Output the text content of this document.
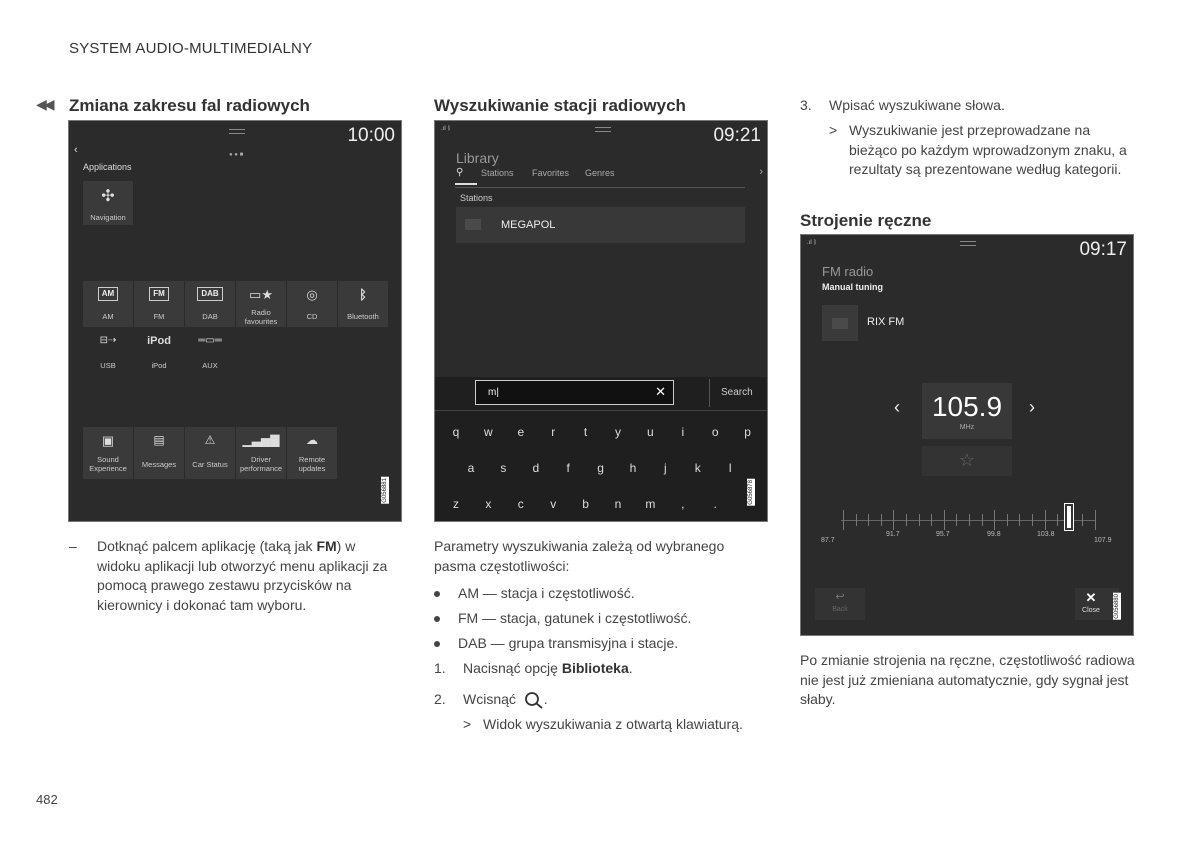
SYSTEM AUDIO-MULTIMEDIALNY
◀◀ Zmiana zakresu fal radiowych
10:00
‹	● ● ■
Applications
✣
Navigation
AM
AM
FM
FM
DAB
DAB
▭★
Radio favourites
◎
CD
ᛒ
Bluetooth
⊟⇢
USB
iPod
iPod
═▭═
AUX
▣
Sound Experience
▤
Messages
⚠
Car Status
▁▃▅▇
Driver performance
☁
Remote updates
G056881
– Dotknąć palcem aplikację (taką jak FM) w widoku aplikacji lub otworzyć menu aplikacji za pomocą prawego zestawu przycisków na kierownicy i dokonać tam wyboru.
Wyszukiwanie stacji radiowych
.ıl ᛒ	09:21
Library
⚲ Stations Favorites Genres	›
Stations
MEGAPOL
m|	✕	Search
q	w	e	r	t	y	u	i	o	p
a	s	d	f	g	h	j	k	l
z	x	c	v	b	n	m	,	.	G056878
Parametry wyszukiwania zależą od wybranego pasma częstotliwości:
AM — stacja i częstotliwość.
FM — stacja, gatunek i częstotliwość.
DAB — grupa transmisyjna i stacje.
1. Nacisnąć opcję Biblioteka.
2. Wcisnąć .
> Widok wyszukiwania z otwartą klawiaturą.
3. Wpisać wyszukiwane słowa.
> Wyszukiwanie jest przeprowadzane na bieżąco po każdym wprowadzonym znaku, a rezultaty są prezentowane według kategorii.
Strojenie ręczne
.ıl ᛒ	09:17
FM radio
Manual tuning
RIX FM
‹	105.9
MHz
›
☆
87.7
91.7	95.7	99.8	103.8
107.9
↩
Back
✕
Close	G056880
Po zmianie strojenia na ręczne, częstotliwość radiowa nie jest już zmieniana automatycznie, gdy sygnał jest słaby.
482
